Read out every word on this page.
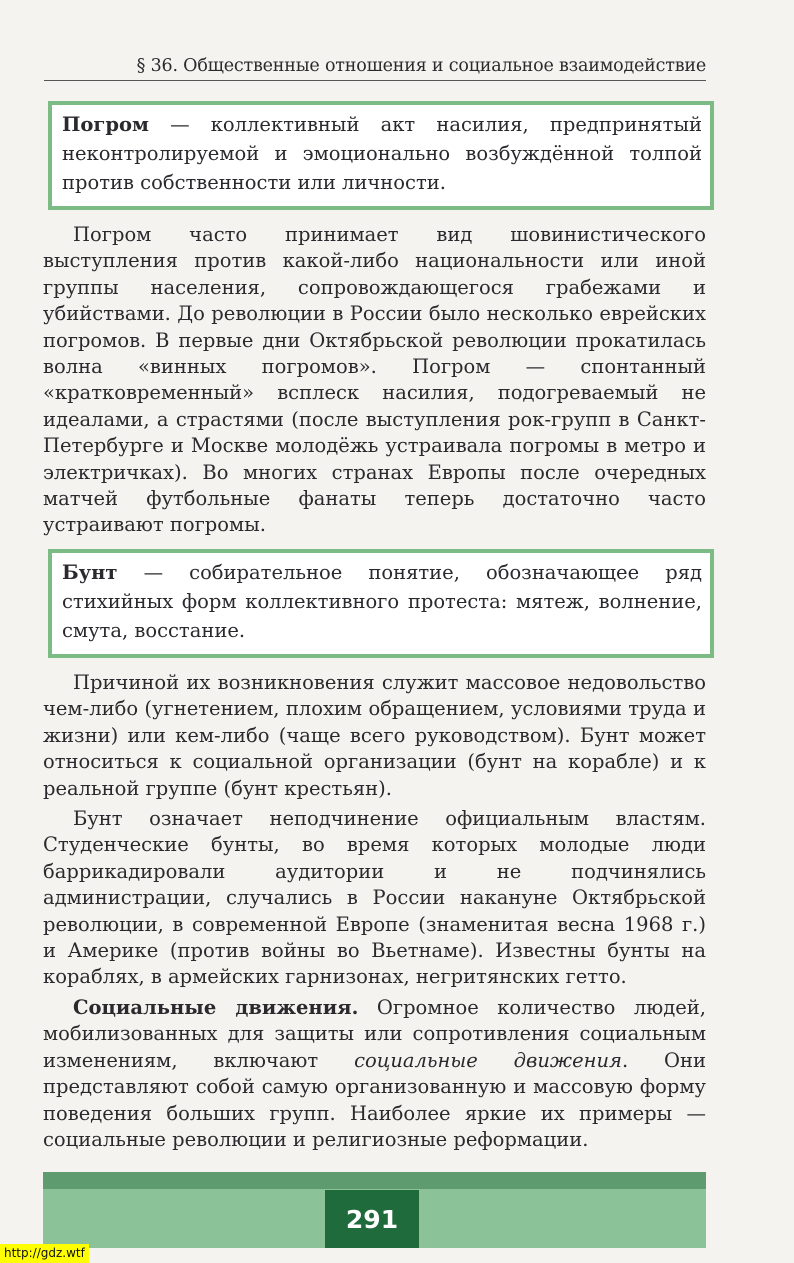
§ 36. Общественные отношения и социальное взаимодействие
Погром — коллективный акт насилия, предпринятый неконтролируемой и эмоционально возбуждённой толпой против собственности или личности.

Погром часто принимает вид шовинистического выступления против какой-либо национальности или иной группы населения, сопровождающегося грабежами и убийствами. До революции в России было несколько еврейских погромов. В первые дни Октябрьской революции прокатилась волна «винных погромов». Погром — спонтанный «кратковременный» всплеск насилия, подогреваемый не идеалами, а страстями (после выступления рок-групп в Санкт-Петербурге и Москве молодёжь устраивала погромы в метро и электричках). Во многих странах Европы после очередных матчей футбольные фанаты теперь достаточно часто устраивают погромы.

Бунт — собирательное понятие, обозначающее ряд стихийных форм коллективного протеста: мятеж, волнение, смута, восстание.

Причиной их возникновения служит массовое недовольство чем-либо (угнетением, плохим обращением, условиями труда и жизни) или кем-либо (чаще всего руководством). Бунт может относиться к социальной организации (бунт на корабле) и к реальной группе (бунт крестьян).

Бунт означает неподчинение официальным властям. Студенческие бунты, во время которых молодые люди баррикадировали аудитории и не подчинялись администрации, случались в России накануне Октябрьской революции, в современной Европе (знаменитая весна 1968 г.) и Америке (против войны во Вьетнаме). Известны бунты на кораблях, в армейских гарнизонах, негритянских гетто.

Социальные движения. Огромное количество людей, мобилизованных для защиты или сопротивления социальным изменениям, включают социальные движения. Они представляют собой самую организованную и массовую форму поведения больших групп. Наиболее яркие их примеры — социальные революции и религиозные реформации.

291
http://gdz.wtf
